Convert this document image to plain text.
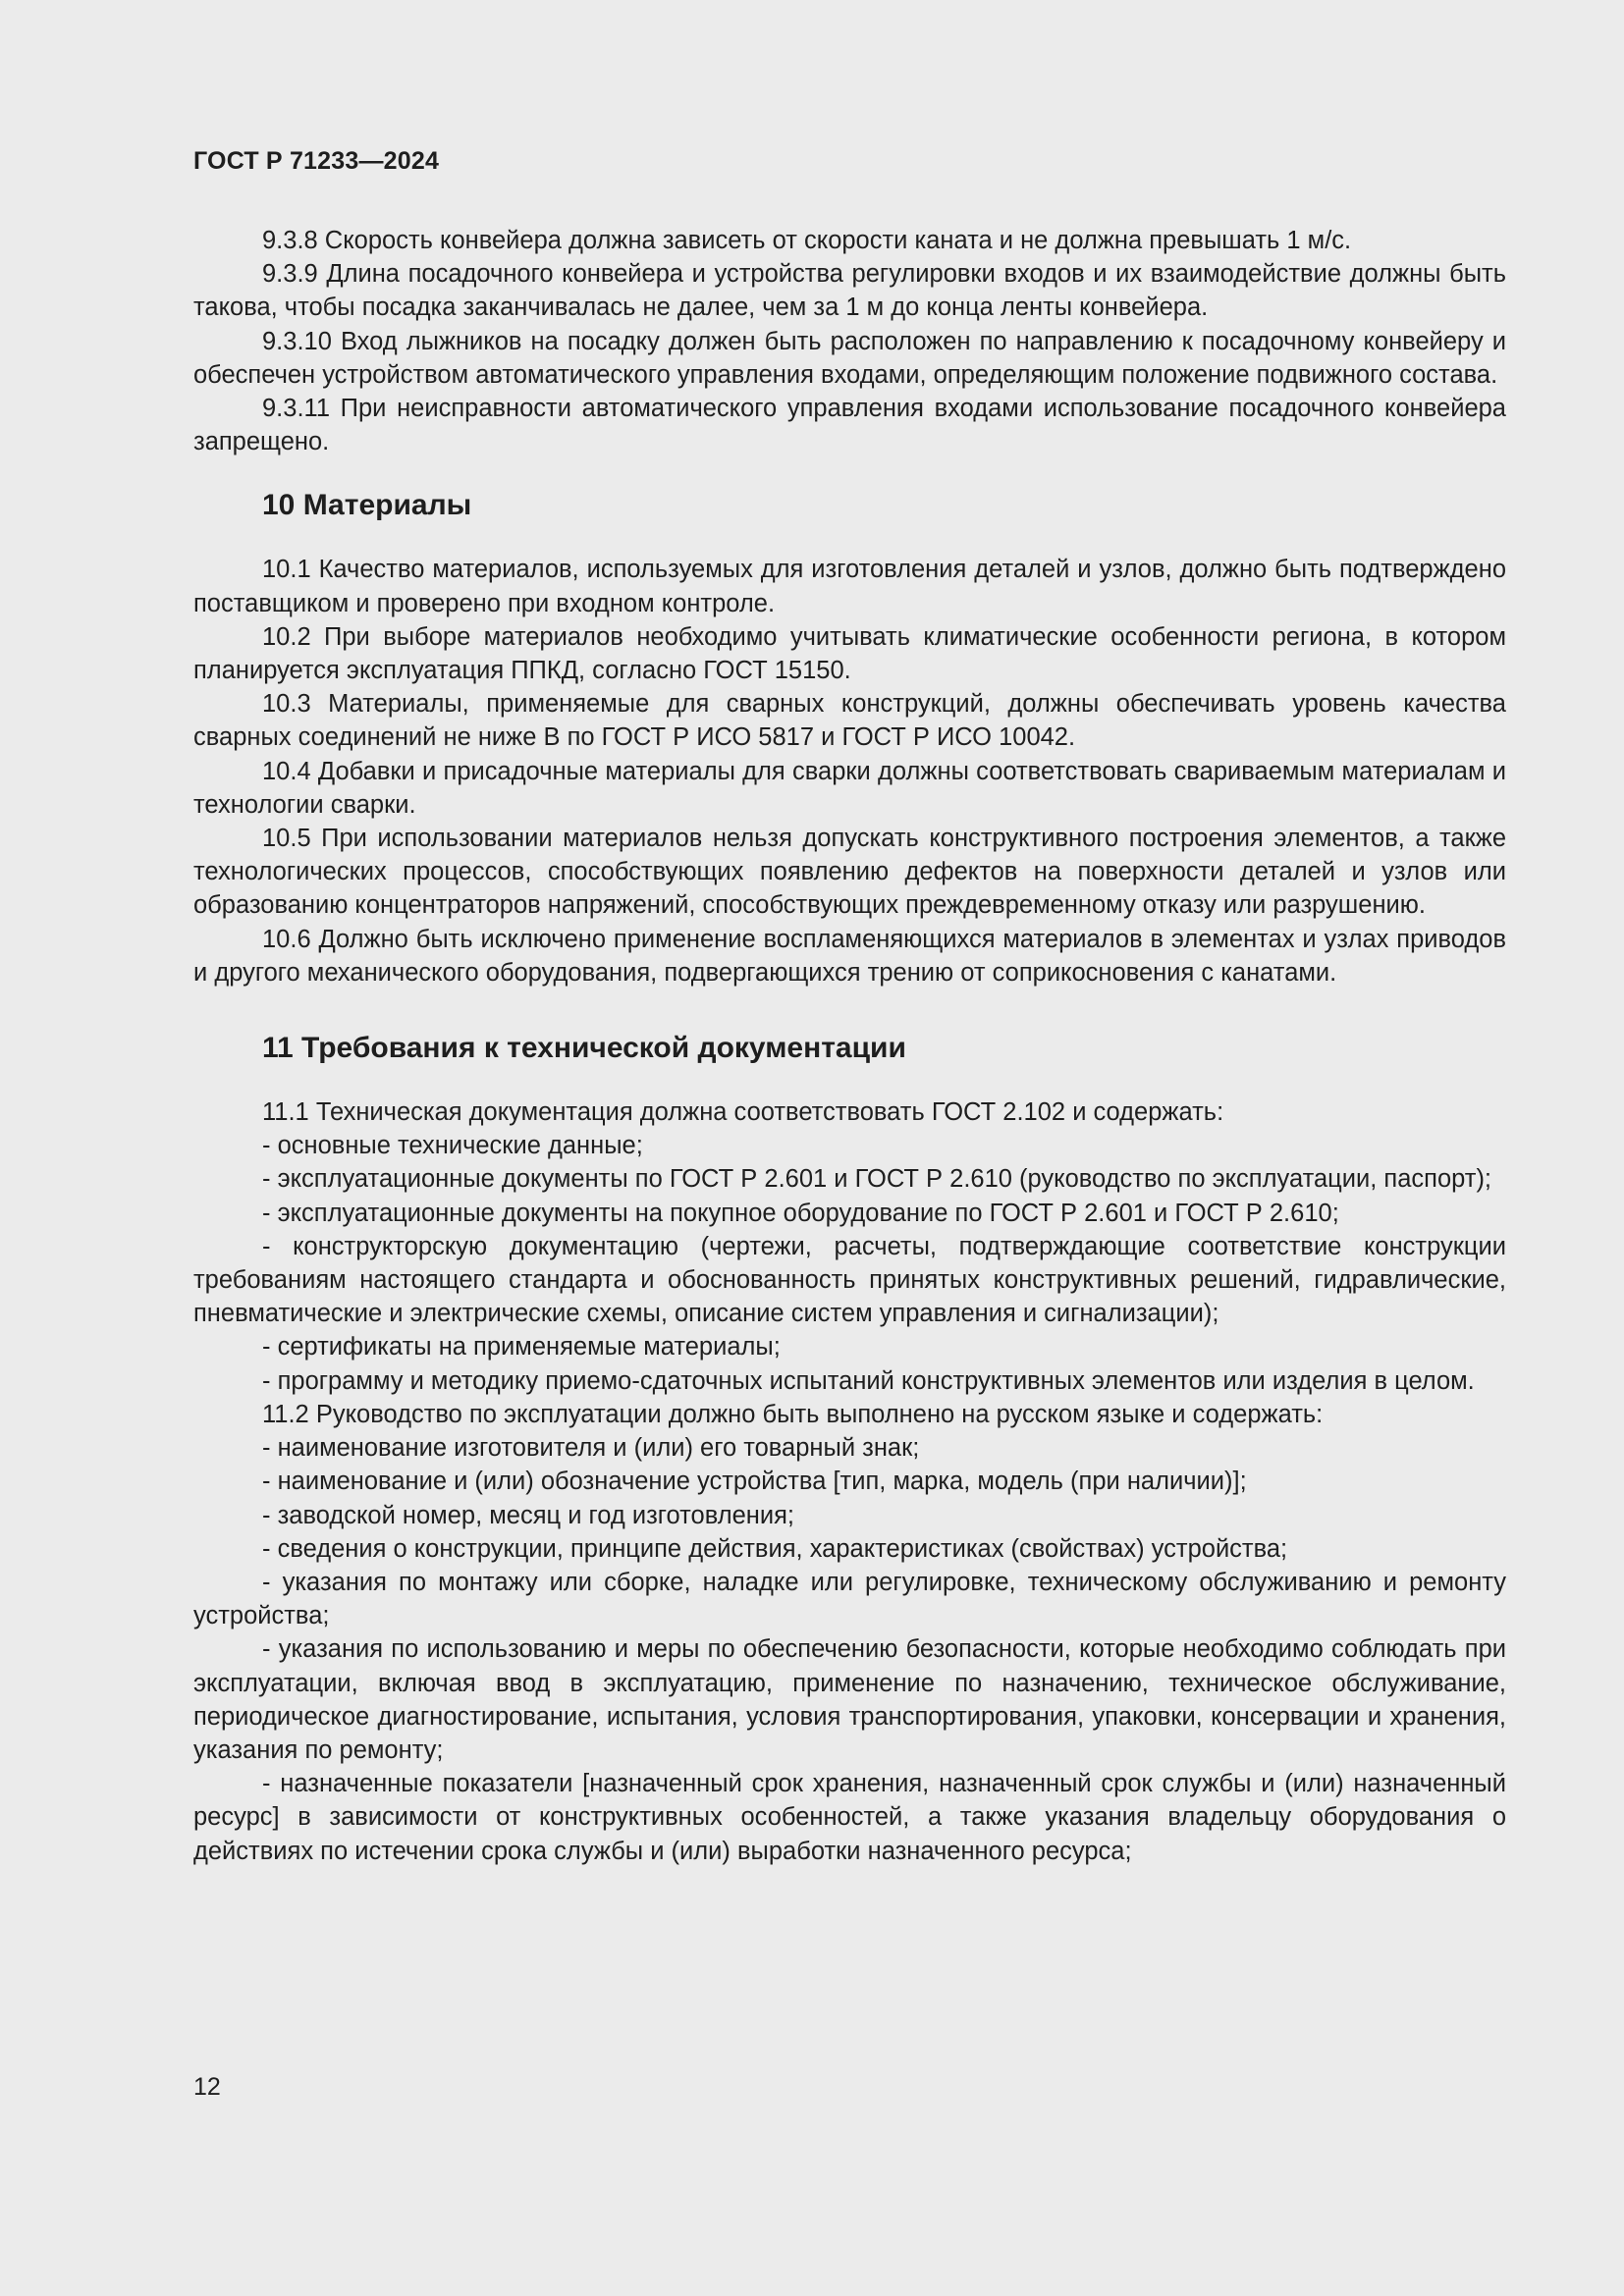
ГОСТ Р 71233—2024

9.3.8 Скорость конвейера должна зависеть от скорости каната и не должна превышать 1 м/с.

9.3.9 Длина посадочного конвейера и устройства регулировки входов и их взаимодействие должны быть такова, чтобы посадка заканчивалась не далее, чем за 1 м до конца ленты конвейера.

9.3.10 Вход лыжников на посадку должен быть расположен по направлению к посадочному конвейеру и обеспечен устройством автоматического управления входами, определяющим положение подвижного состава.

9.3.11 При неисправности автоматического управления входами использование посадочного конвейера запрещено.

10 Материалы

10.1 Качество материалов, используемых для изготовления деталей и узлов, должно быть подтверждено поставщиком и проверено при входном контроле.

10.2 При выборе материалов необходимо учитывать климатические особенности региона, в котором планируется эксплуатация ППКД, согласно ГОСТ 15150.

10.3 Материалы, применяемые для сварных конструкций, должны обеспечивать уровень качества сварных соединений не ниже В по ГОСТ Р ИСО 5817 и ГОСТ Р ИСО 10042.

10.4 Добавки и присадочные материалы для сварки должны соответствовать свариваемым материалам и технологии сварки.

10.5 При использовании материалов нельзя допускать конструктивного построения элементов, а также технологических процессов, способствующих появлению дефектов на поверхности деталей и узлов или образованию концентраторов напряжений, способствующих преждевременному отказу или разрушению.

10.6 Должно быть исключено применение воспламеняющихся материалов в элементах и узлах приводов и другого механического оборудования, подвергающихся трению от соприкосновения с канатами.

11 Требования к технической документации

11.1 Техническая документация должна соответствовать ГОСТ 2.102 и содержать:

- основные технические данные;

- эксплуатационные документы по ГОСТ Р 2.601 и ГОСТ Р 2.610 (руководство по эксплуатации, паспорт);

- эксплуатационные документы на покупное оборудование по ГОСТ Р 2.601 и ГОСТ Р 2.610;

- конструкторскую документацию (чертежи, расчеты, подтверждающие соответствие конструкции требованиям настоящего стандарта и обоснованность принятых конструктивных решений, гидравлические, пневматические и электрические схемы, описание систем управления и сигнализации);

- сертификаты на применяемые материалы;

- программу и методику приемо-сдаточных испытаний конструктивных элементов или изделия в целом.

11.2 Руководство по эксплуатации должно быть выполнено на русском языке и содержать:

- наименование изготовителя и (или) его товарный знак;

- наименование и (или) обозначение устройства [тип, марка, модель (при наличии)];

- заводской номер, месяц и год изготовления;

- сведения о конструкции, принципе действия, характеристиках (свойствах) устройства;

- указания по монтажу или сборке, наладке или регулировке, техническому обслуживанию и ремонту устройства;

- указания по использованию и меры по обеспечению безопасности, которые необходимо соблюдать при эксплуатации, включая ввод в эксплуатацию, применение по назначению, техническое обслуживание, периодическое диагностирование, испытания, условия транспортирования, упаковки, консервации и хранения, указания по ремонту;

- назначенные показатели [назначенный срок хранения, назначенный срок службы и (или) назначенный ресурс] в зависимости от конструктивных особенностей, а также указания владельцу оборудования о действиях по истечении срока службы и (или) выработки назначенного ресурса;

12
